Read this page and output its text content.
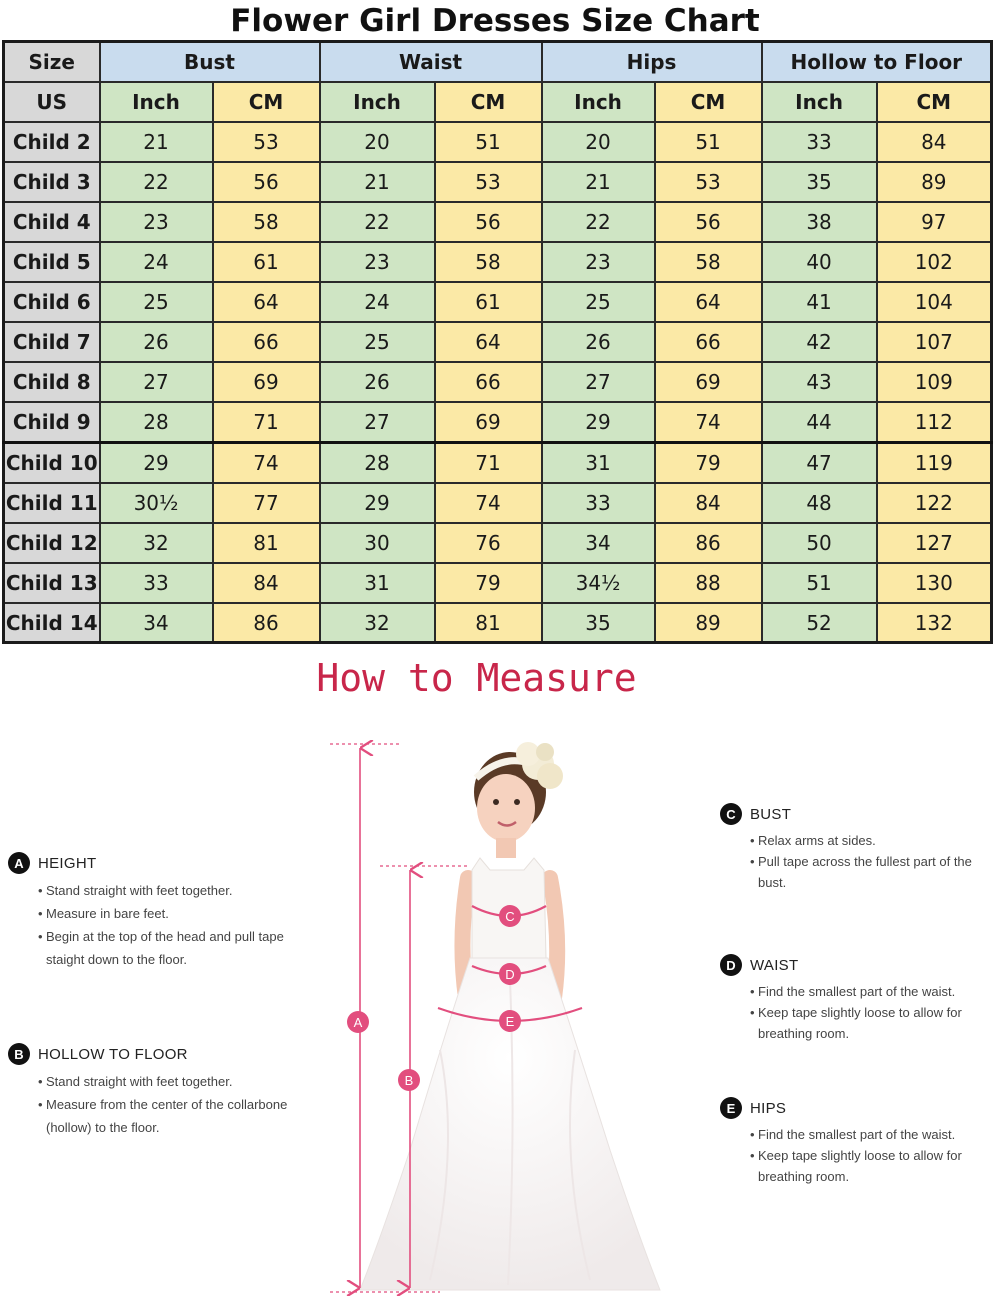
Flower Girl Dresses Size Chart
Size	Bust		Waist		Hips		Hollow to Floor	
US	Inch	CM	Inch	CM	Inch	CM	Inch	CM
Child 2	21	53	20	51	20	51	33	84
Child 3	22	56	21	53	21	53	35	89
Child 4	23	58	22	56	22	56	38	97
Child 5	24	61	23	58	23	58	40	102
Child 6	25	64	24	61	25	64	41	104
Child 7	26	66	25	64	26	66	42	107
Child 8	27	69	26	66	27	69	43	109
Child 9	28	71	27	69	29	74	44	112
Child 10	29	74	28	71	31	79	47	119
Child 11	30½	77	29	74	33	84	48	122
Child 12	32	81	30	76	34	86	50	127
Child 13	33	84	31	79	34½	88	51	130
Child 14	34	86	32	81	35	89	52	132
How to Measure
A HEIGHT
• Stand straight with feet together.
• Measure in bare feet.
• Begin at the top of the head and pull tape staight down to the floor.
B HOLLOW TO FLOOR
• Stand straight with feet together.
• Measure from the center of the collarbone (hollow) to the floor.
C BUST
• Relax arms at sides.
• Pull tape across the fullest part of the bust.
D WAIST
• Find the smallest part of the waist.
• Keep tape slightly loose to allow for breathing room.
E HIPS
• Find the smallest part of the waist.
• Keep tape slightly loose to allow for breathing room.
A
B
C
D
E
